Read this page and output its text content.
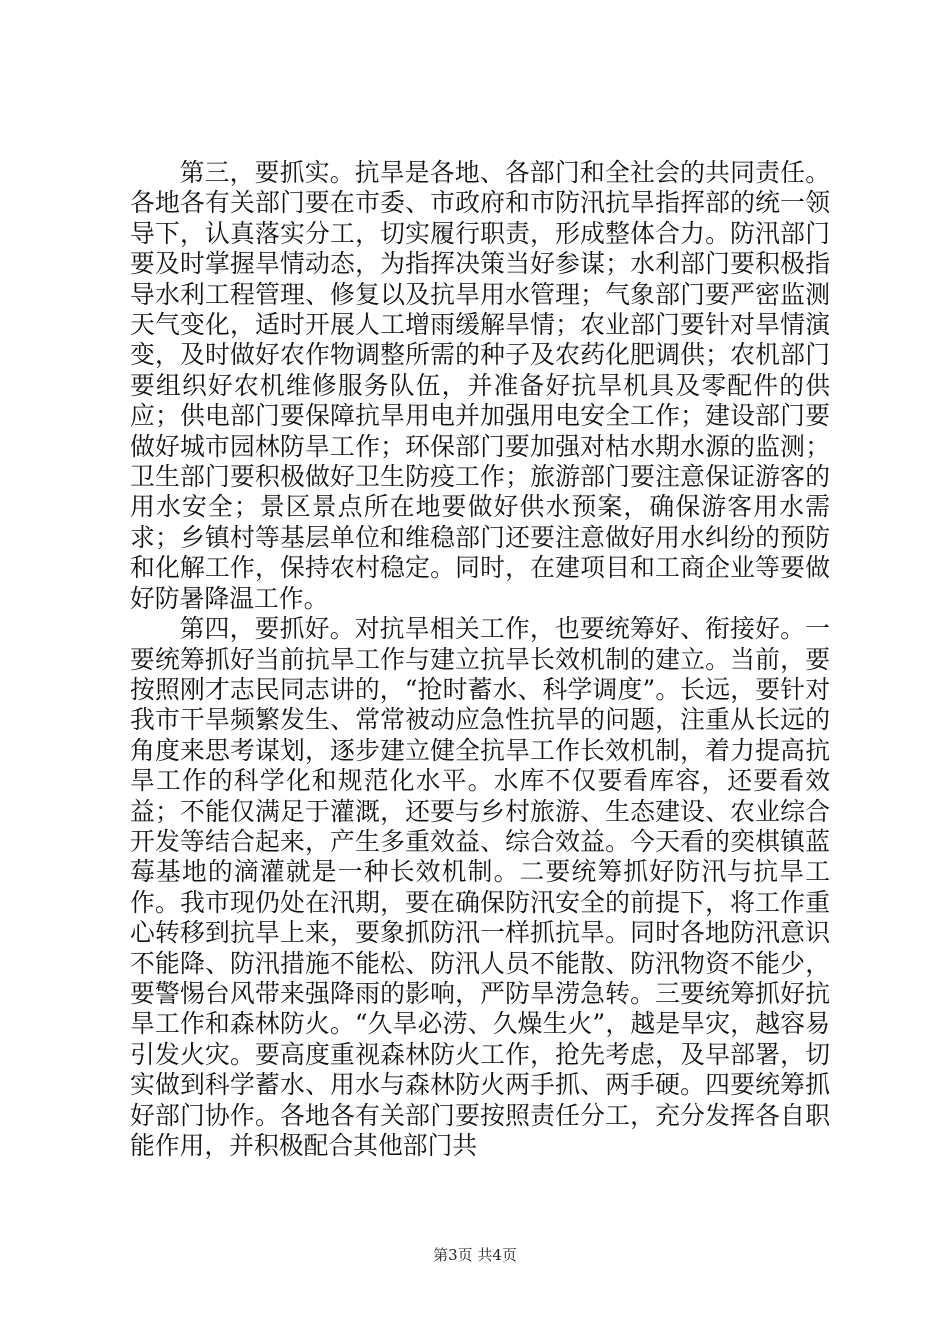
第三，要抓实。抗旱是各地、各部门和全社会的共同责任。各地各有关部门要在市委、市政府和市防汛抗旱指挥部的统一领导下，认真落实分工，切实履行职责，形成整体合力。防汛部门要及时掌握旱情动态，为指挥决策当好参谋；水利部门要积极指导水利工程管理、修复以及抗旱用水管理；气象部门要严密监测天气变化，适时开展人工增雨缓解旱情；农业部门要针对旱情演变，及时做好农作物调整所需的种子及农药化肥调供；农机部门要组织好农机维修服务队伍，并准备好抗旱机具及零配件的供应；供电部门要保障抗旱用电并加强用电安全工作；建设部门要做好城市园林防旱工作；环保部门要加强对枯水期水源的监测；卫生部门要积极做好卫生防疫工作；旅游部门要注意保证游客的用水安全；景区景点所在地要做好供水预案，确保游客用水需求；乡镇村等基层单位和维稳部门还要注意做好用水纠纷的预防和化解工作，保持农村稳定。同时，在建项目和工商企业等要做好防暑降温工作。

第四，要抓好。对抗旱相关工作，也要统筹好、衔接好。一要统筹抓好当前抗旱工作与建立抗旱长效机制的建立。当前，要按照刚才志民同志讲的，“抢时蓄水、科学调度”。长远，要针对我市干旱频繁发生、常常被动应急性抗旱的问题，注重从长远的角度来思考谋划，逐步建立健全抗旱工作长效机制，着力提高抗旱工作的科学化和规范化水平。水库不仅要看库容，还要看效益；不能仅满足于灌溉，还要与乡村旅游、生态建设、农业综合开发等结合起来，产生多重效益、综合效益。今天看的奕棋镇蓝莓基地的滴灌就是一种长效机制。二要统筹抓好防汛与抗旱工作。我市现仍处在汛期，要在确保防汛安全的前提下，将工作重心转移到抗旱上来，要象抓防汛一样抓抗旱。同时各地防汛意识不能降、防汛措施不能松、防汛人员不能散、防汛物资不能少，要警惕台风带来强降雨的影响，严防旱涝急转。三要统筹抓好抗旱工作和森林防火。“久旱必涝、久燥生火”，越是旱灾，越容易引发火灾。要高度重视森林防火工作，抢先考虑，及早部署，切实做到科学蓄水、用水与森林防火两手抓、两手硬。四要统筹抓好部门协作。各地各有关部门要按照责任分工，充分发挥各自职能作用，并积极配合其他部门共

第3页 共4页
